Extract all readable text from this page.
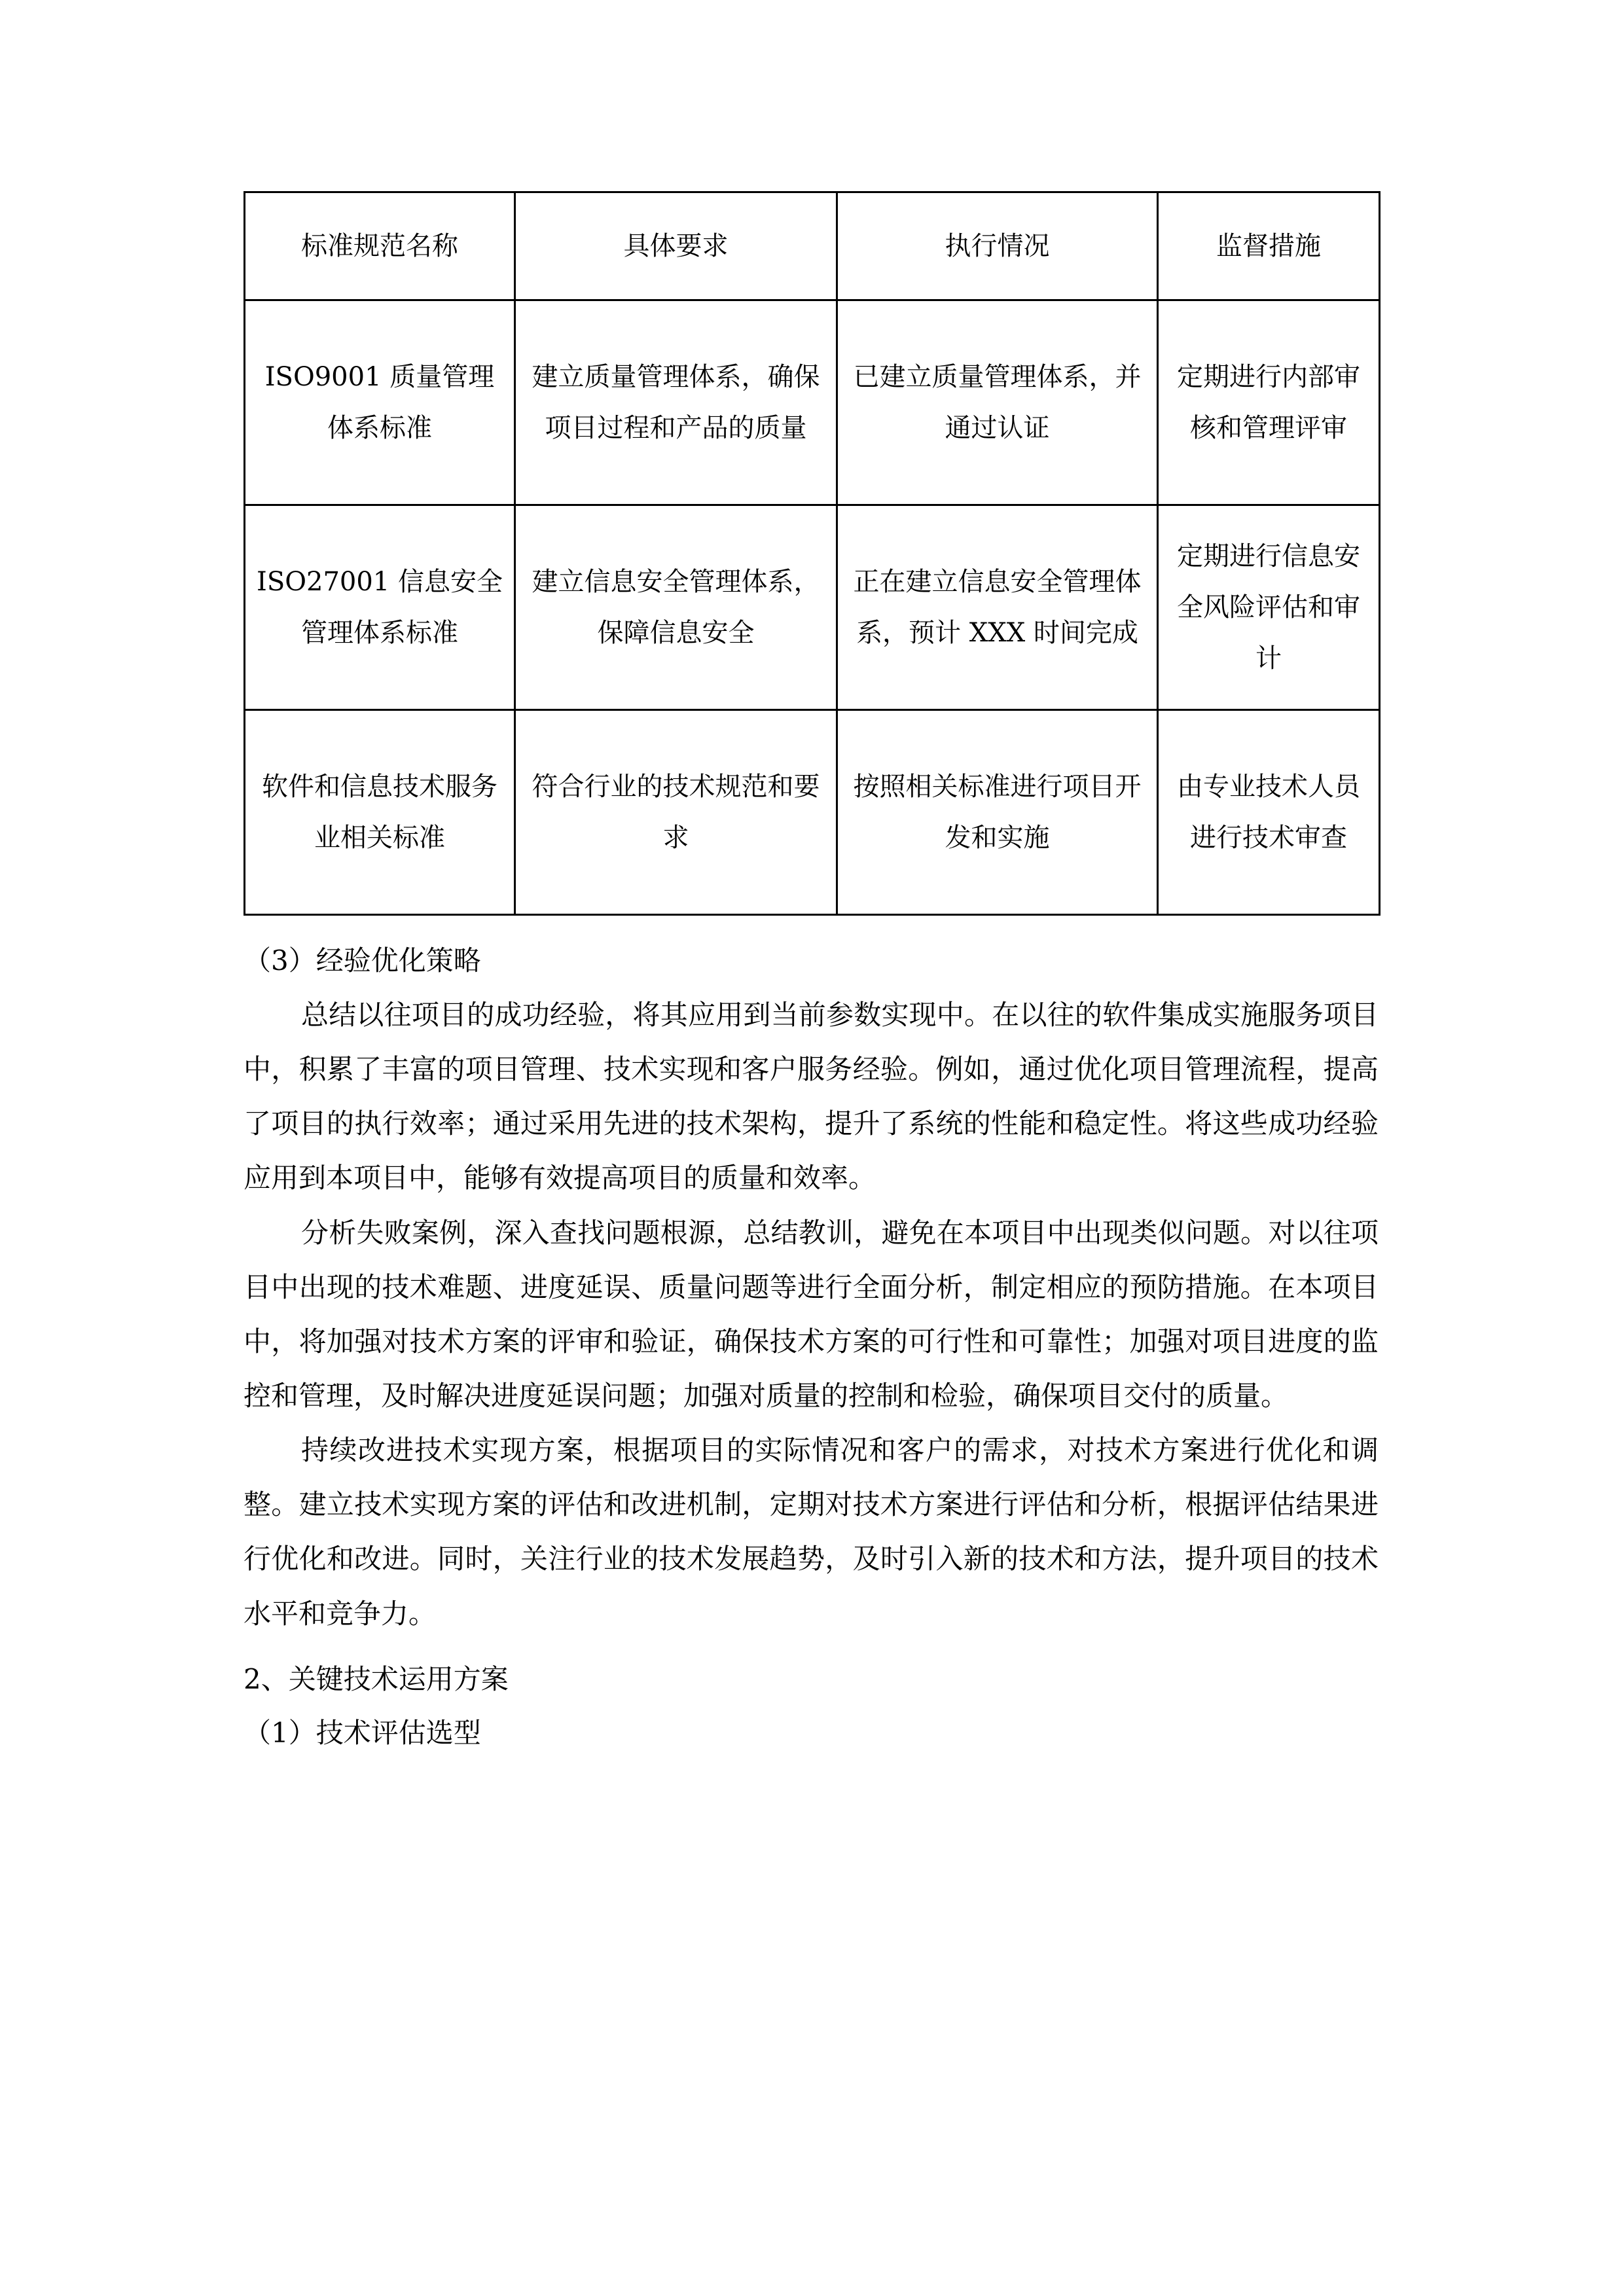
标准规范名称	具体要求	执行情况	监督措施
ISO9001 质量管理体系标准	建立质量管理体系，确保项目过程和产品的质量	已建立质量管理体系，并通过认证	定期进行内部审核和管理评审
ISO27001 信息安全管理体系标准	建立信息安全管理体系，保障信息安全	正在建立信息安全管理体系，预计 XXX 时间完成	定期进行信息安全风险评估和审计
软件和信息技术服务业相关标准	符合行业的技术规范和要求	按照相关标准进行项目开发和实施	由专业技术人员进行技术审查
（3）经验优化策略

总结以往项目的成功经验，将其应用到当前参数实现中。在以往的软件集成实施服务项目中，积累了丰富的项目管理、技术实现和客户服务经验。例如，通过优化项目管理流程，提高了项目的执行效率；通过采用先进的技术架构，提升了系统的性能和稳定性。将这些成功经验应用到本项目中，能够有效提高项目的质量和效率。

分析失败案例，深入查找问题根源，总结教训，避免在本项目中出现类似问题。对以往项目中出现的技术难题、进度延误、质量问题等进行全面分析，制定相应的预防措施。在本项目中，将加强对技术方案的评审和验证，确保技术方案的可行性和可靠性；加强对项目进度的监控和管理，及时解决进度延误问题；加强对质量的控制和检验，确保项目交付的质量。

持续改进技术实现方案，根据项目的实际情况和客户的需求，对技术方案进行优化和调整。建立技术实现方案的评估和改进机制，定期对技术方案进行评估和分析，根据评估结果进行优化和改进。同时，关注行业的技术发展趋势，及时引入新的技术和方法，提升项目的技术水平和竞争力。

2、关键技术运用方案
（1）技术评估选型
